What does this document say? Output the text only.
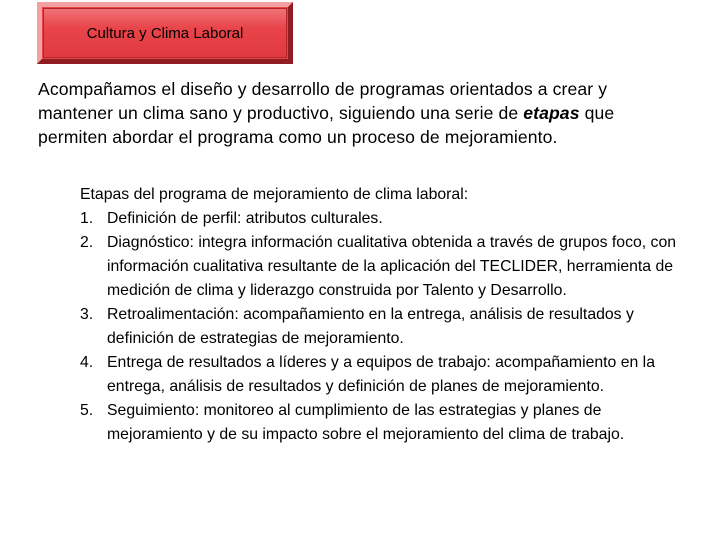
Cultura y Clima Laboral

Acompañamos el diseño y desarrollo de programas orientados a crear y mantener un clima sano y productivo, siguiendo una serie de etapas que permiten abordar el programa como un proceso de mejoramiento.

Etapas del programa de mejoramiento de clima laboral:

1. Definición de perfil: atributos culturales.
2. Diagnóstico: integra información cualitativa obtenida a través de grupos foco, con información cualitativa resultante de la aplicación del TECLIDER, herramienta de medición de clima y liderazgo construida por Talento y Desarrollo.
3. Retroalimentación: acompañamiento en la entrega, análisis de resultados y definición de estrategias de mejoramiento.
4. Entrega de resultados a líderes y a equipos de trabajo: acompañamiento en la entrega, análisis de resultados y definición de planes de mejoramiento.
5. Seguimiento: monitoreo al cumplimiento de las estrategias y planes de mejoramiento y de su impacto sobre el mejoramiento del clima de trabajo.
